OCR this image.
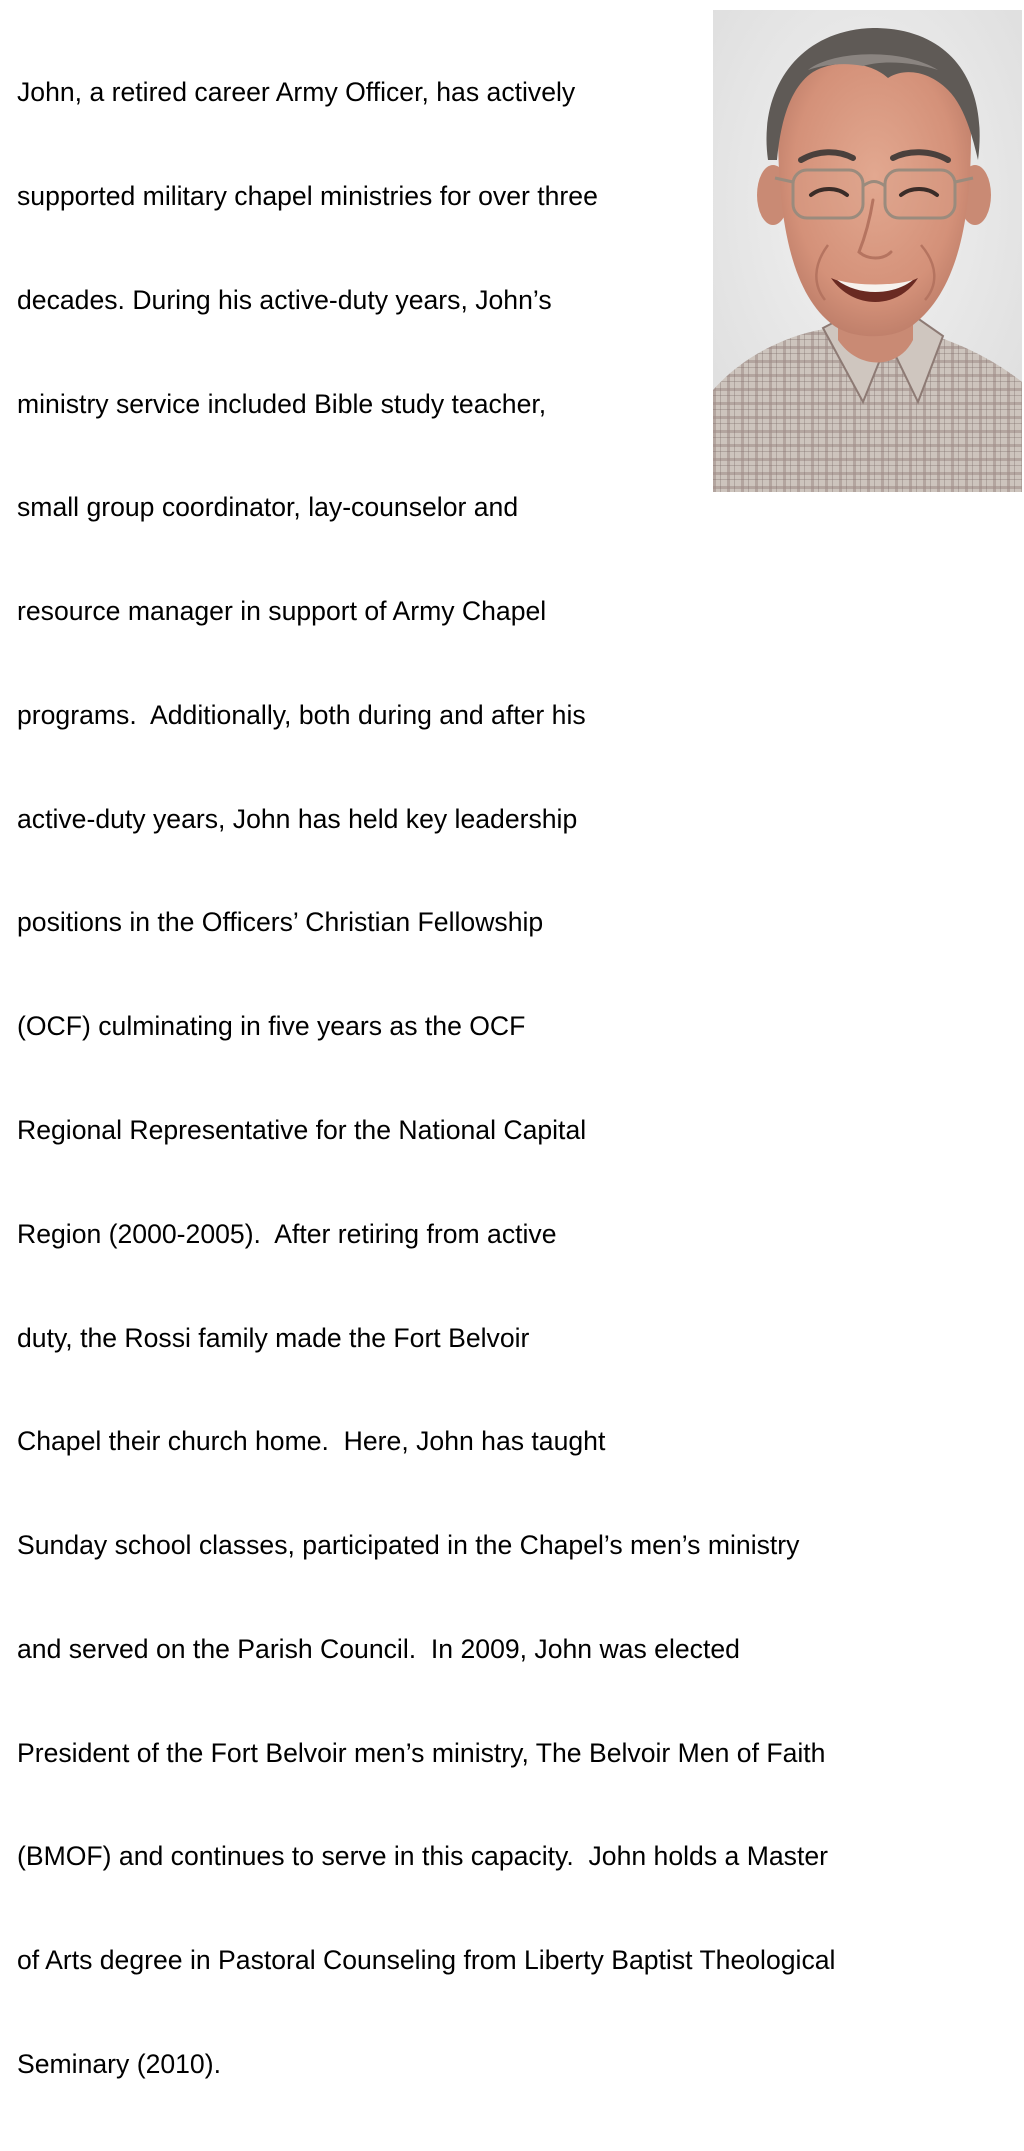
John, a retired career Army Officer, has actively

supported military chapel ministries for over three

decades. During his active-duty years, John’s

ministry service included Bible study teacher,

small group coordinator, lay-counselor and

resource manager in support of Army Chapel

programs.  Additionally, both during and after his

active-duty years, John has held key leadership

positions in the Officers’ Christian Fellowship

(OCF) culminating in five years as the OCF

Regional Representative for the National Capital

Region (2000-2005).  After retiring from active

duty, the Rossi family made the Fort Belvoir

Chapel their church home.  Here, John has taught

Sunday school classes, participated in the Chapel’s men’s ministry

and served on the Parish Council.  In 2009, John was elected

President of the Fort Belvoir men’s ministry, The Belvoir Men of Faith

(BMOF) and continues to serve in this capacity.  John holds a Master

of Arts degree in Pastoral Counseling from Liberty Baptist Theological

Seminary (2010).
